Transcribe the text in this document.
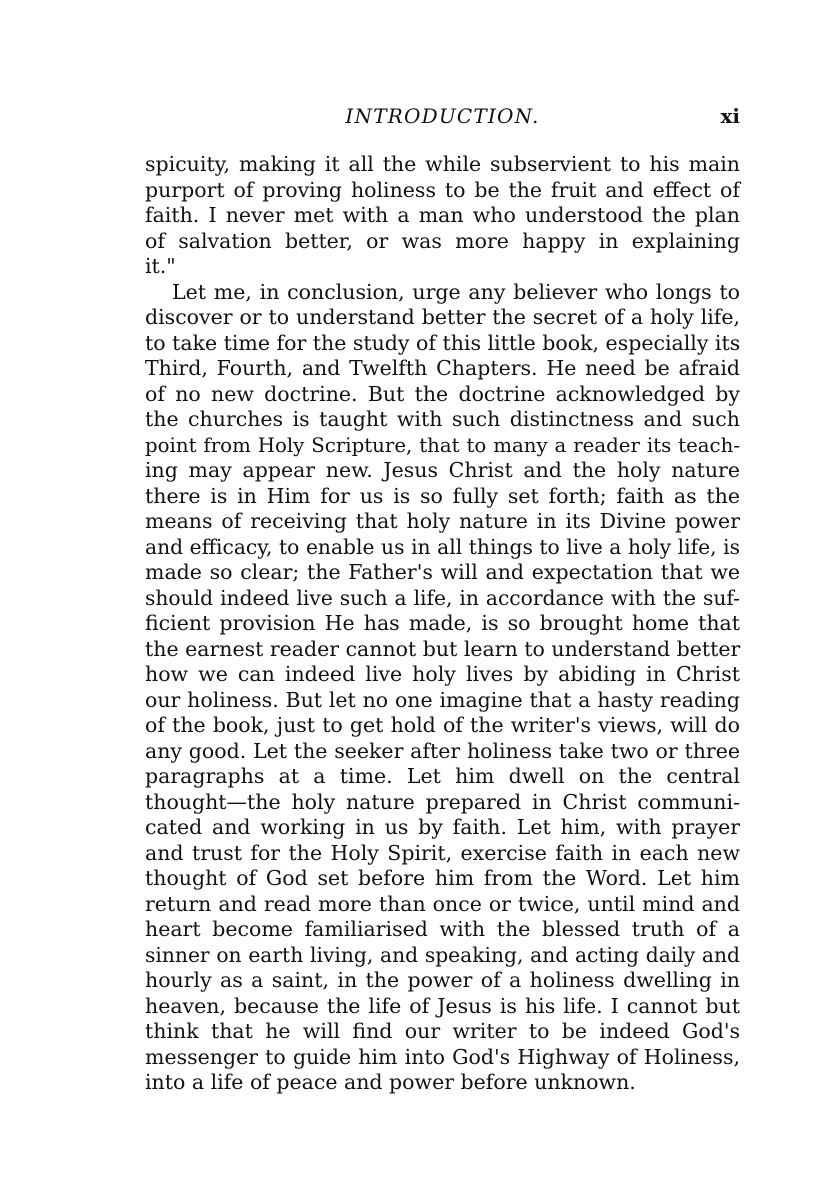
INTRODUCTION.	xi
spicuity, making it all the while subservient to his main
purport of proving holiness to be the fruit and effect of
faith. I never met with a man who understood the plan
of salvation better, or was more happy in explaining
it."
Let me, in conclusion, urge any believer who longs to
discover or to understand better the secret of a holy life,
to take time for the study of this little book, especially its
Third, Fourth, and Twelfth Chapters. He need be afraid
of no new doctrine. But the doctrine acknowledged by
the churches is taught with such distinctness and such
point from Holy Scripture, that to many a reader its teach-
ing may appear new. Jesus Christ and the holy nature
there is in Him for us is so fully set forth; faith as the
means of receiving that holy nature in its Divine power
and efficacy, to enable us in all things to live a holy life, is
made so clear; the Father's will and expectation that we
should indeed live such a life, in accordance with the suf-
ficient provision He has made, is so brought home that
the earnest reader cannot but learn to understand better
how we can indeed live holy lives by abiding in Christ
our holiness. But let no one imagine that a hasty reading
of the book, just to get hold of the writer's views, will do
any good. Let the seeker after holiness take two or three
paragraphs at a time. Let him dwell on the central
thought—the holy nature prepared in Christ communi-
cated and working in us by faith. Let him, with prayer
and trust for the Holy Spirit, exercise faith in each new
thought of God set before him from the Word. Let him
return and read more than once or twice, until mind and
heart become familiarised with the blessed truth of a
sinner on earth living, and speaking, and acting daily and
hourly as a saint, in the power of a holiness dwelling in
heaven, because the life of Jesus is his life. I cannot but
think that he will find our writer to be indeed God's
messenger to guide him into God's Highway of Holiness,
into a life of peace and power before unknown.
